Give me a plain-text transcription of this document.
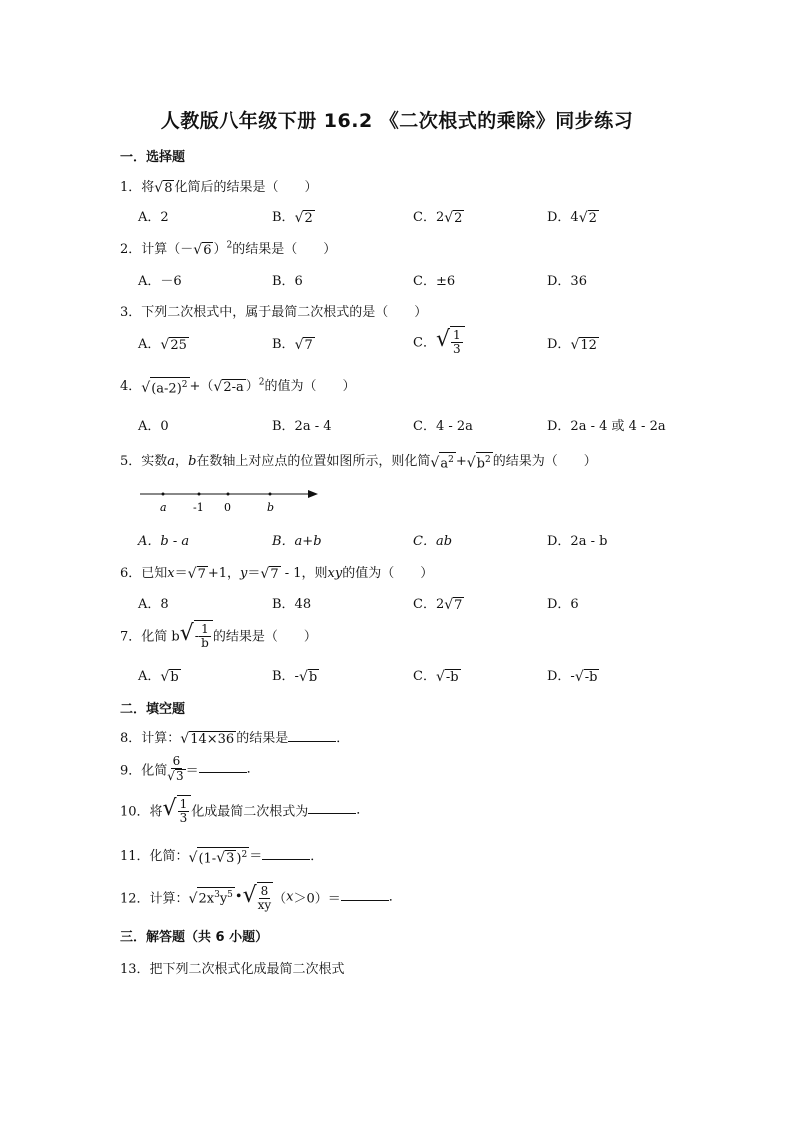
人教版八年级下册 16.2 《二次根式的乘除》同步练习
一．选择题
1．将√8 化简后的结果是（　　）
A．2	B．√2	C．2√2	D．4√2
2．计算（－√6 ）$^2$的结果是（　　）
A．－6	B．6	C．±6	D．36
3．下列二次根式中，属于最简二次根式的是（　　）
A．√25	B．√7	C．√ $\frac{1}{3}$	D．√12
4．$√(a-2)^2 +(√2-a$ ）$^2$的值为（　　）
A．0	B．2a - 4	C．4 - 2a	D．2a - 4 或 4 - 2a
5．实数a，b在数轴上对应点的位置如图所示，则化简$√a^2 +√b^2$ 的结果为（　　）
a -1 0	b
A．b - a	B．a+b	C．ab	D．2a - b
6．已知x＝√7 +1，y＝√7 - 1，则xy的值为（　　）
A．8	B．48	C．2√7	D．6
7．化简 $b√- \frac{1}{b}$ 的结果是（　　）
A．√b	B．-√b	C．√-b	D．-√-b
二．填空题
8．计算：√14×36 的结果是	．
9．化简 $\frac{6}{√3}$ ＝	．
10．将√ $\frac{1}{3}$ 化成最简二次根式为	．
11．化简：√(1-√3 )$^2$ ＝	．
12．计算：$√2x^3y^5$ •√ $\frac{8}{xy} (x>0)=$	．
三．解答题（共 6 小题）
13．把下列二次根式化成最简二次根式
